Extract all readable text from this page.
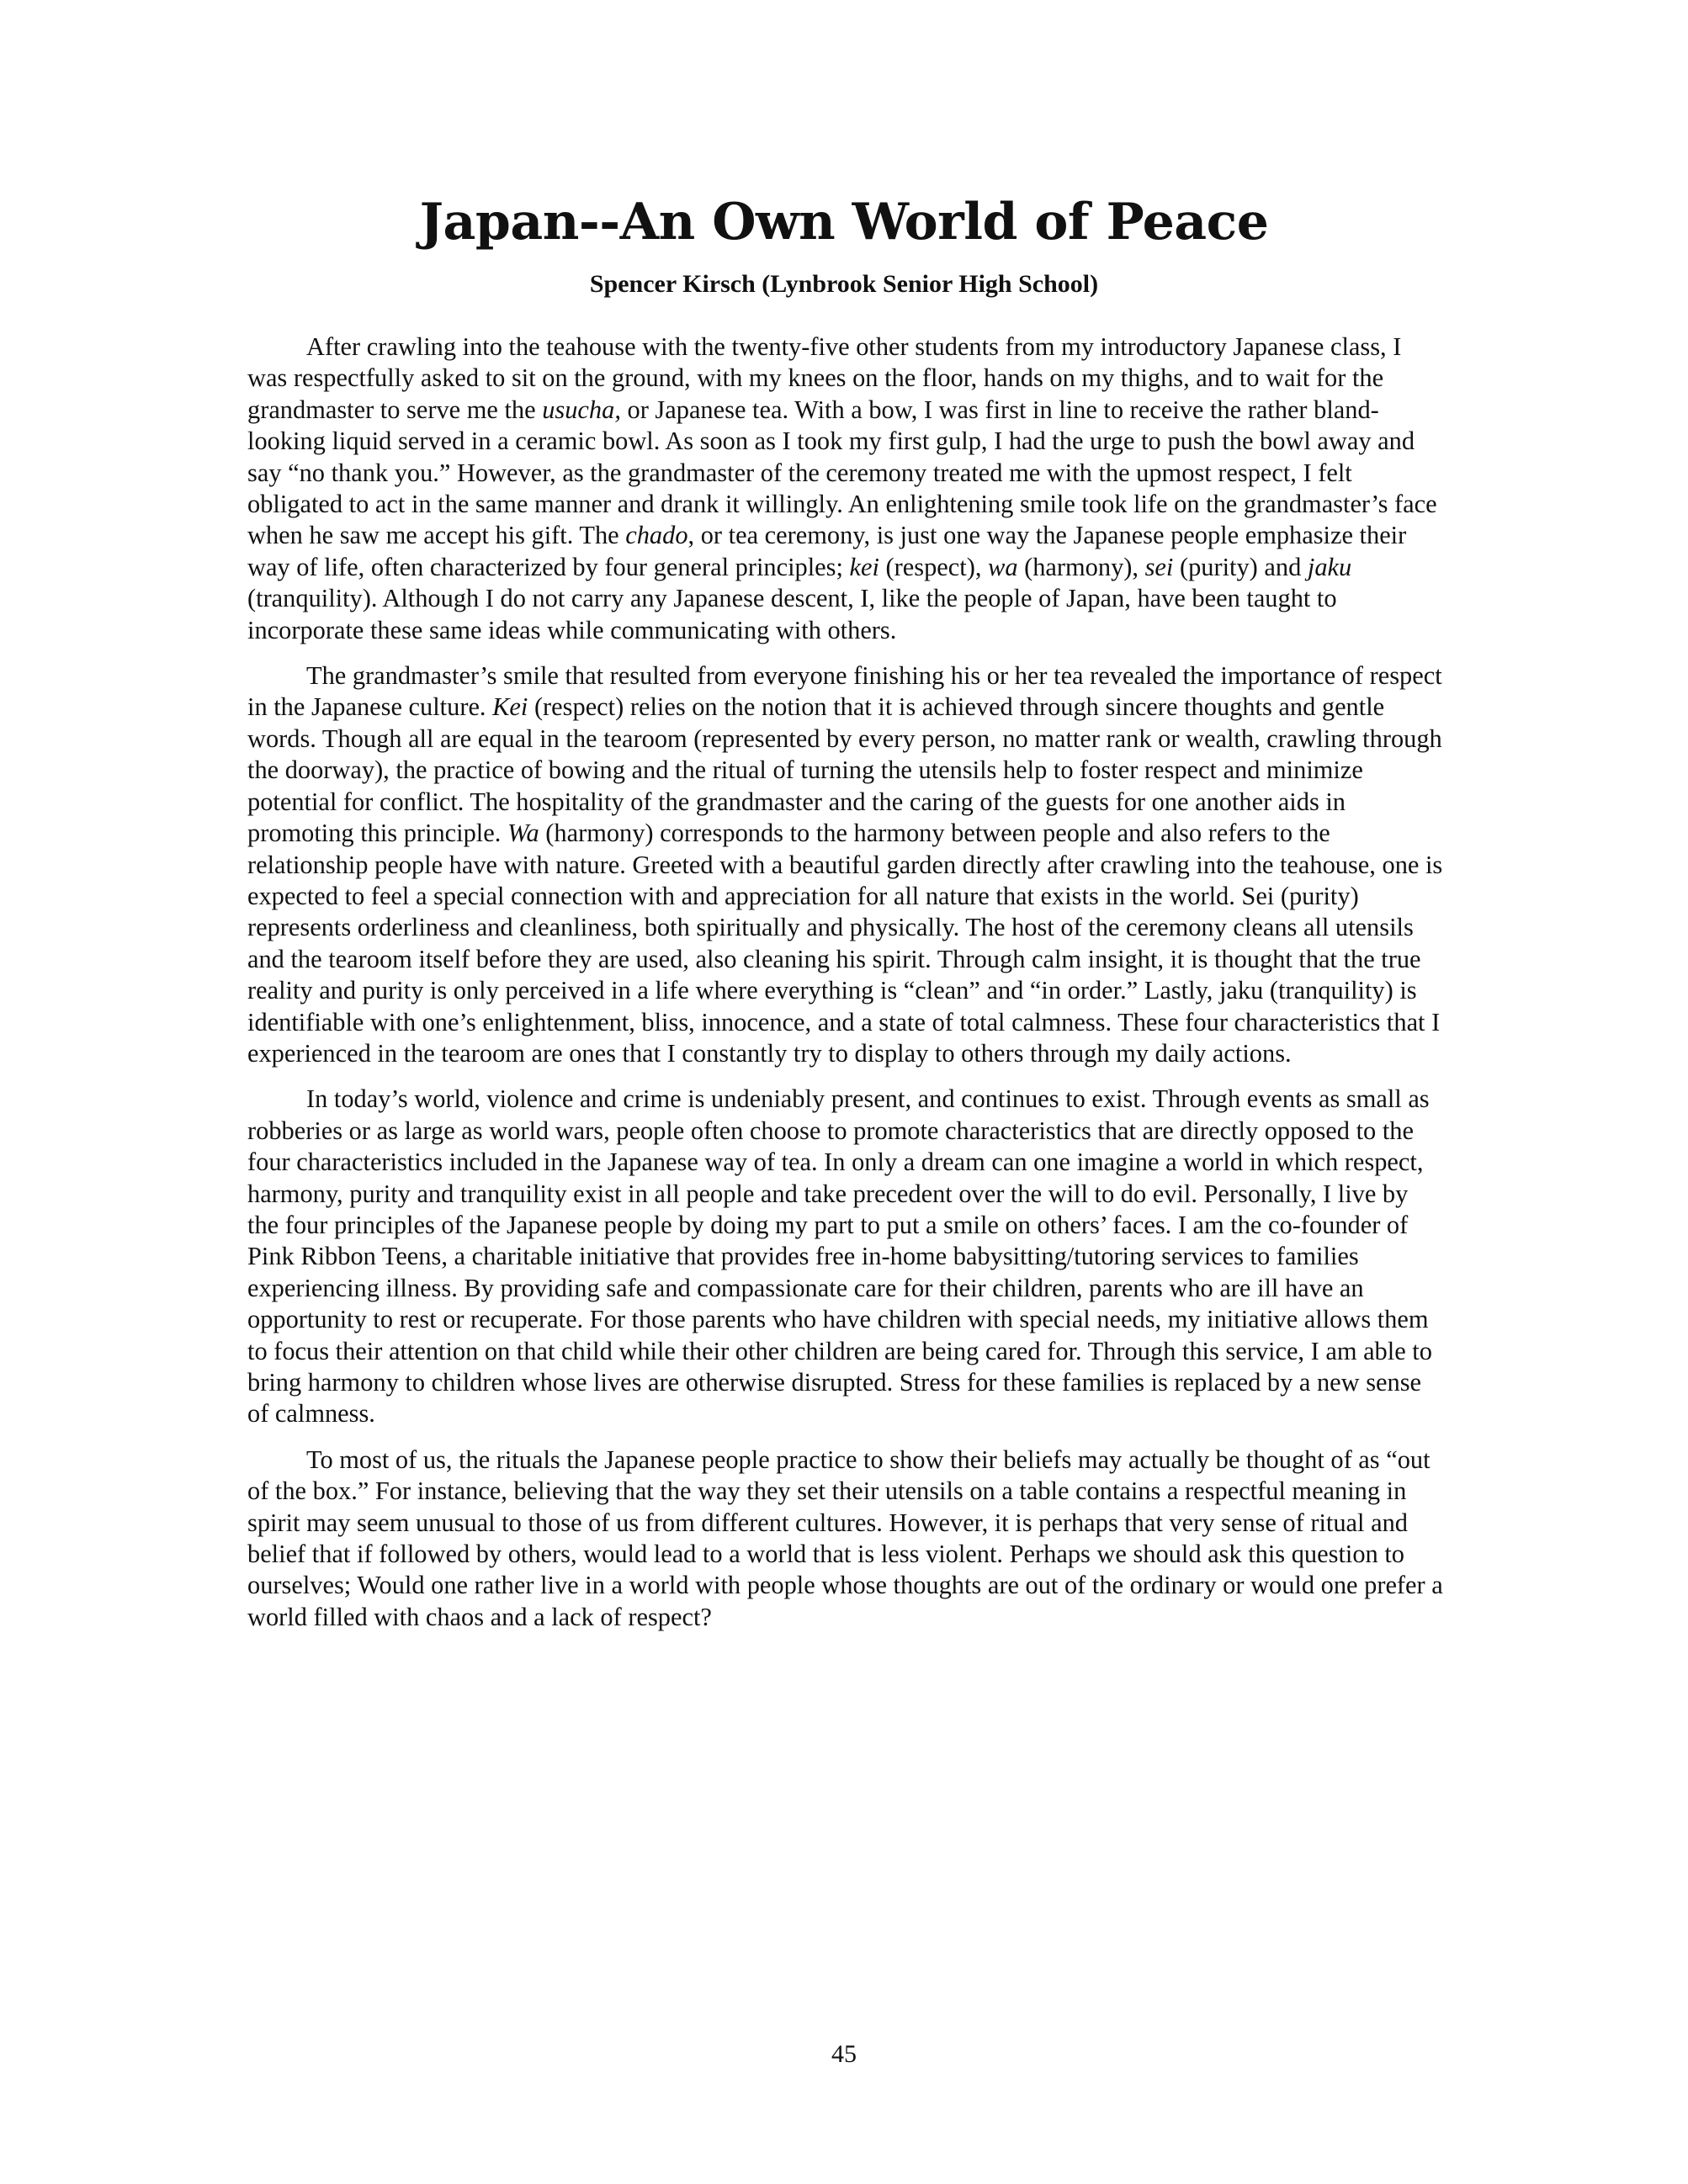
Japan--An Own World of Peace

Spencer Kirsch (Lynbrook Senior High School)

After crawling into the teahouse with the twenty-five other students from my introductory Japanese class, I was respectfully asked to sit on the ground, with my knees on the floor, hands on my thighs, and to wait for the grandmaster to serve me the usucha, or Japanese tea. With a bow, I was first in line to receive the rather bland-looking liquid served in a ceramic bowl. As soon as I took my first gulp, I had the urge to push the bowl away and say “no thank you.” However, as the grandmaster of the ceremony treated me with the upmost respect, I felt obligated to act in the same manner and drank it willingly. An enlightening smile took life on the grandmaster’s face when he saw me accept his gift. The chado, or tea ceremony, is just one way the Japanese people emphasize their way of life, often characterized by four general principles; kei (respect), wa (harmony), sei (purity) and jaku (tranquility). Although I do not carry any Japanese descent, I, like the people of Japan, have been taught to incorporate these same ideas while communicating with others.

The grandmaster’s smile that resulted from everyone finishing his or her tea revealed the importance of respect in the Japanese culture. Kei (respect) relies on the notion that it is achieved through sincere thoughts and gentle words. Though all are equal in the tearoom (represented by every person, no matter rank or wealth, crawling through the doorway), the practice of bowing and the ritual of turning the utensils help to foster respect and minimize potential for conflict. The hospitality of the grandmaster and the caring of the guests for one another aids in promoting this principle. Wa (harmony) corresponds to the harmony between people and also refers to the relationship people have with nature. Greeted with a beautiful garden directly after crawling into the teahouse, one is expected to feel a special connection with and appreciation for all nature that exists in the world. Sei (purity) represents orderliness and cleanliness, both spiritually and physically. The host of the ceremony cleans all utensils and the tearoom itself before they are used, also cleaning his spirit. Through calm insight, it is thought that the true reality and purity is only perceived in a life where everything is “clean” and “in order.” Lastly, jaku (tranquility) is identifiable with one’s enlightenment, bliss, innocence, and a state of total calmness. These four characteristics that I experienced in the tearoom are ones that I constantly try to display to others through my daily actions.

In today’s world, violence and crime is undeniably present, and continues to exist. Through events as small as robberies or as large as world wars, people often choose to promote characteristics that are directly opposed to the four characteristics included in the Japanese way of tea. In only a dream can one imagine a world in which respect, harmony, purity and tranquility exist in all people and take precedent over the will to do evil. Personally, I live by the four principles of the Japanese people by doing my part to put a smile on others’ faces. I am the co-founder of Pink Ribbon Teens, a charitable initiative that provides free in-home babysitting/tutoring services to families experiencing illness. By providing safe and compassionate care for their children, parents who are ill have an opportunity to rest or recuperate. For those parents who have children with special needs, my initiative allows them to focus their attention on that child while their other children are being cared for. Through this service, I am able to bring harmony to children whose lives are otherwise disrupted. Stress for these families is replaced by a new sense of calmness.

To most of us, the rituals the Japanese people practice to show their beliefs may actually be thought of as “out of the box.” For instance, believing that the way they set their utensils on a table contains a respectful meaning in spirit may seem unusual to those of us from different cultures. However, it is perhaps that very sense of ritual and belief that if followed by others, would lead to a world that is less violent. Perhaps we should ask this question to ourselves; Would one rather live in a world with people whose thoughts are out of the ordinary or would one prefer a world filled with chaos and a lack of respect?

45
